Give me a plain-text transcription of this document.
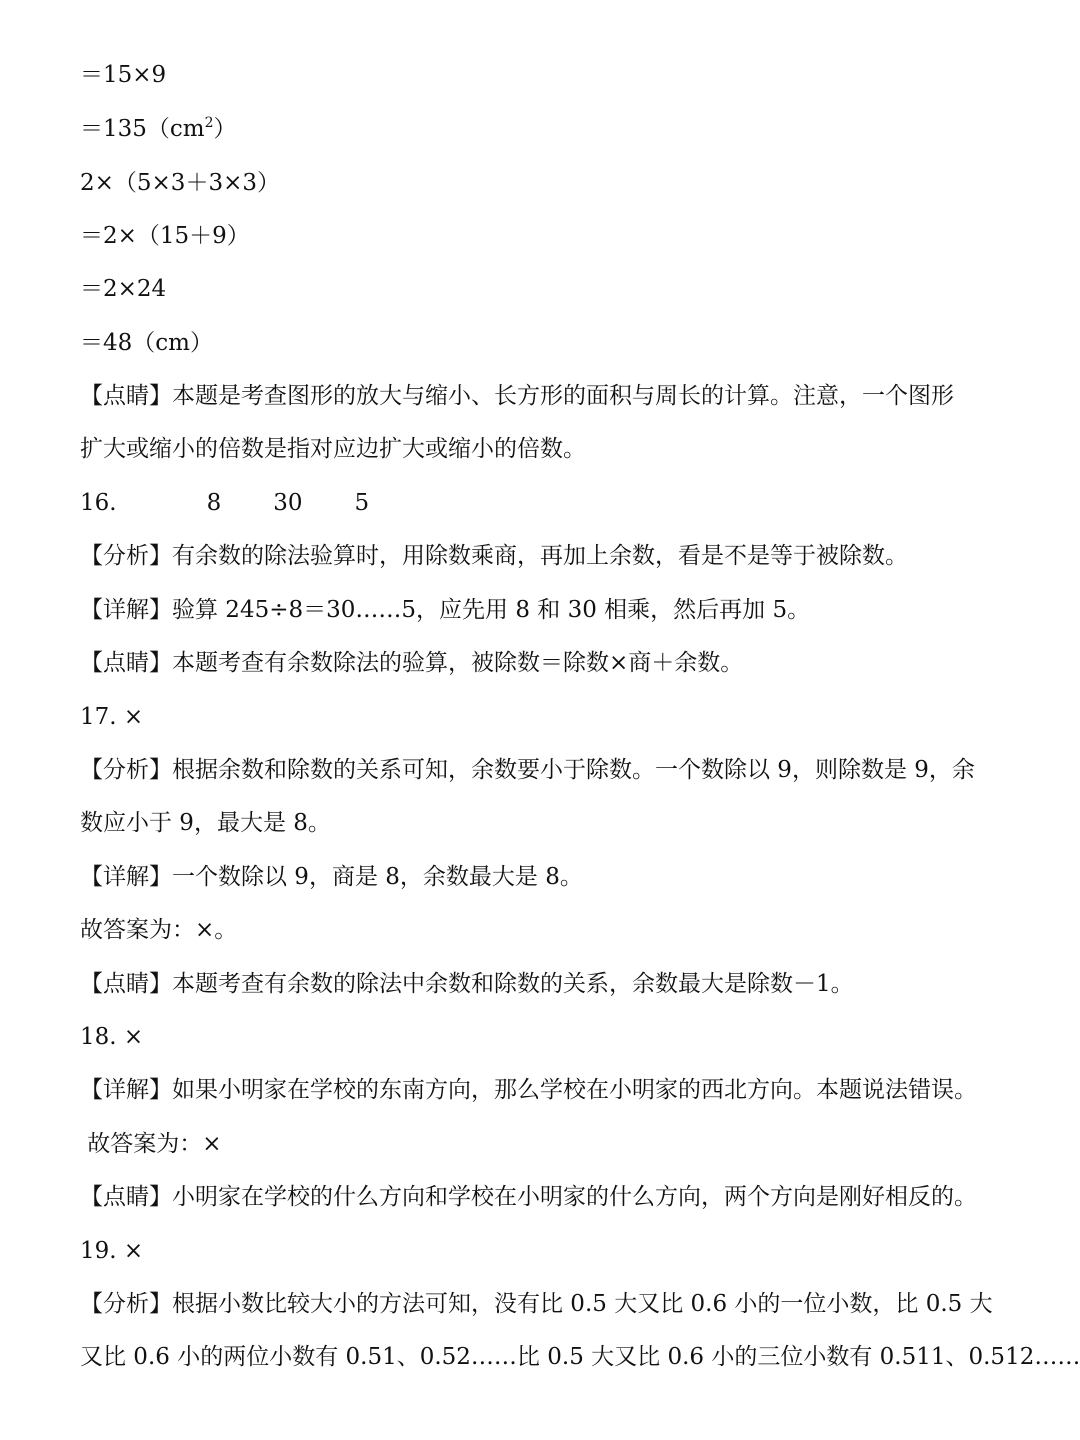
＝15×9
$=135(cm^2)$
2×（5×3＋3×3）
＝2×（15＋9）
＝2×24
＝48（cm）
【点睛】本题是考查图形的放大与缩小、长方形的面积与周长的计算。注意，一个图形
扩大或缩小的倍数是指对应边扩大或缩小的倍数。
16.	8 30 5
【分析】有余数的除法验算时，用除数乘商，再加上余数，看是不是等于被除数。
【详解】验算 245÷8＝30……5，应先用 8 和 30 相乘，然后再加 5。
【点睛】本题考查有余数除法的验算，被除数＝除数×商＋余数。
17. ×
【分析】根据余数和除数的关系可知，余数要小于除数。一个数除以 9，则除数是 9，余
数应小于 9，最大是 8。
【详解】一个数除以 9，商是 8，余数最大是 8。
故答案为：×。
【点睛】本题考查有余数的除法中余数和除数的关系，余数最大是除数－1。
18. ×
【详解】如果小明家在学校的东南方向，那么学校在小明家的西北方向。本题说法错误。
故答案为：×
【点睛】小明家在学校的什么方向和学校在小明家的什么方向，两个方向是刚好相反的。
19. ×
【分析】根据小数比较大小的方法可知，没有比 0.5 大又比 0.6 小的一位小数，比 0.5 大
又比 0.6 小的两位小数有 0.51、0.52……比 0.5 大又比 0.6 小的三位小数有 0.511、0.512……
